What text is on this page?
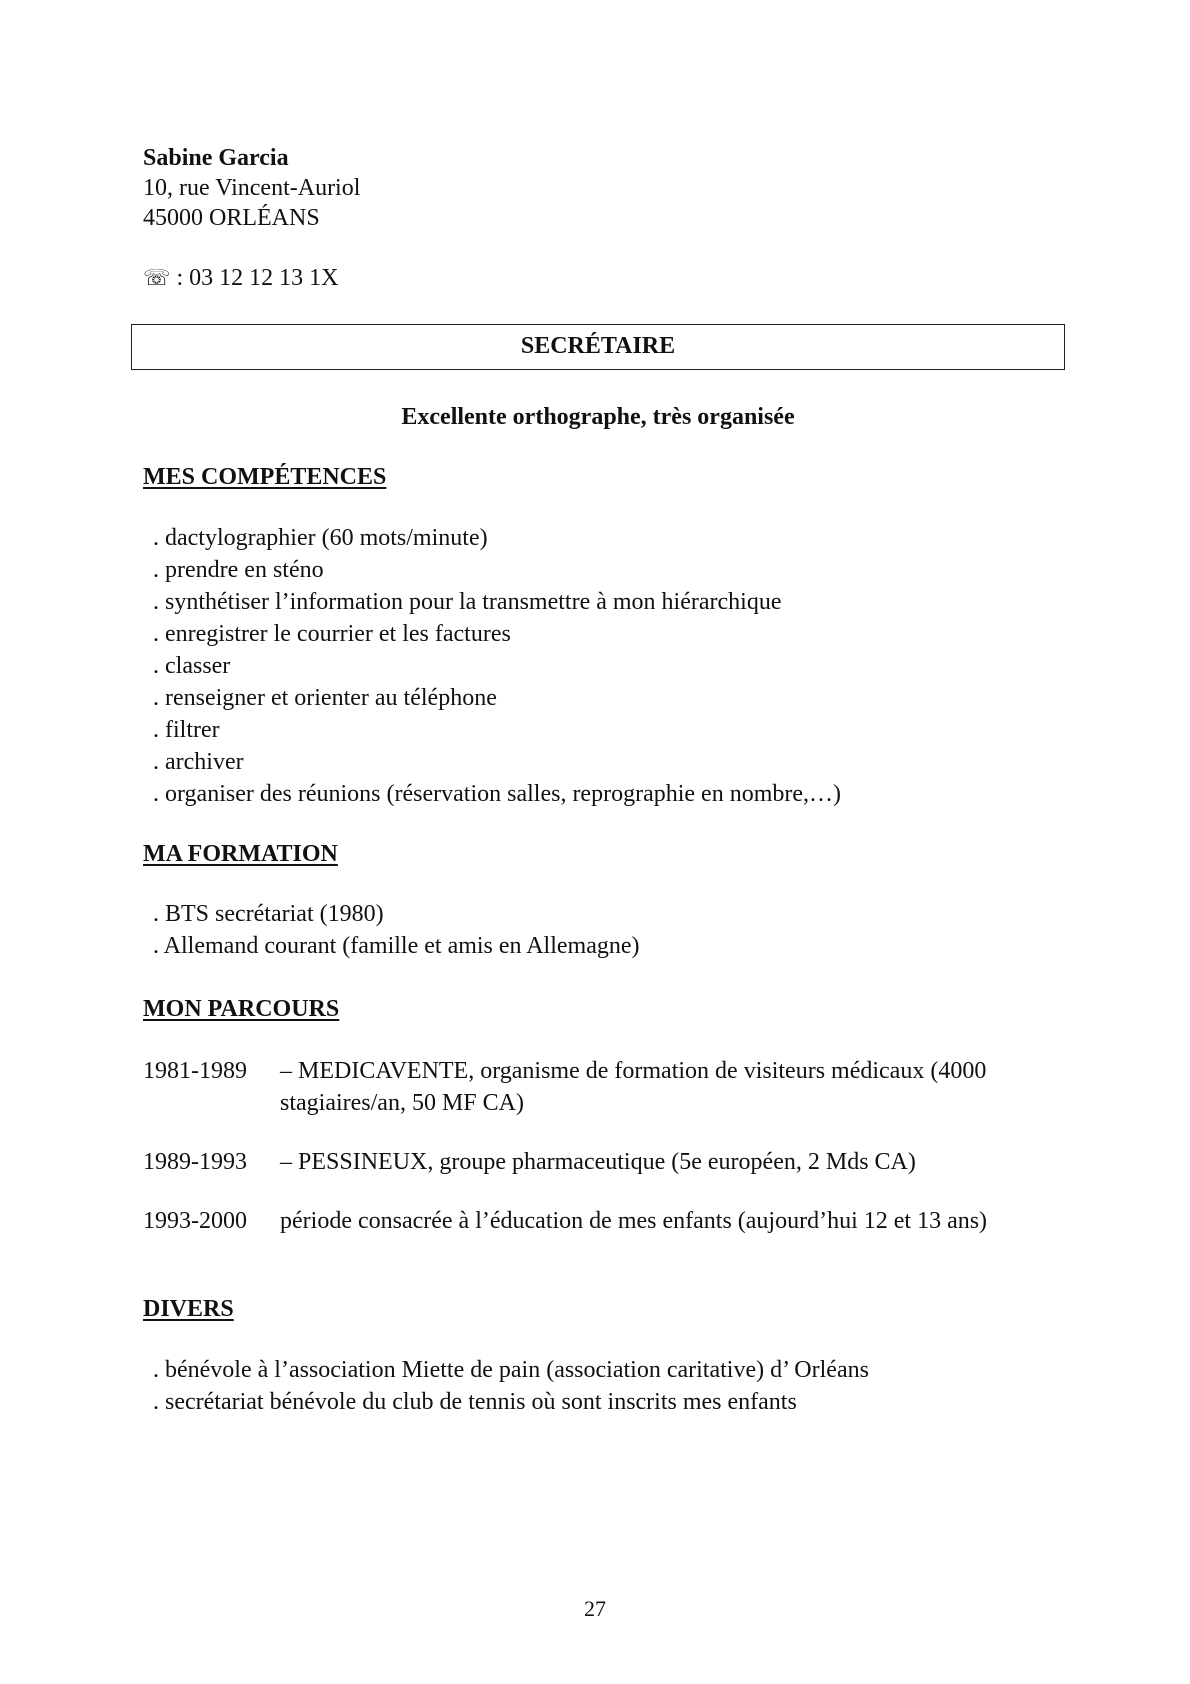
Sabine Garcia
10, rue Vincent-Auriol
45000 ORLÉANS
☏ : 03 12 12 13 1X
SECRÉTAIRE
Excellente orthographe, très organisée
MES COMPÉTENCES
. dactylographier (60 mots/minute)
. prendre en sténo
. synthétiser l’information pour la transmettre à mon hiérarchique
. enregistrer le courrier et les factures
. classer
. renseigner et orienter au téléphone
. filtrer
. archiver
. organiser des réunions (réservation salles, reprographie en nombre,…)
MA FORMATION
. BTS secrétariat (1980)
. Allemand courant (famille et amis en Allemagne)
MON PARCOURS
1981-1989	– MEDICAVENTE, organisme de formation de visiteurs médicaux (4000 stagiaires/an, 50 MF CA)
1989-1993	– PESSINEUX, groupe pharmaceutique (5e européen, 2 Mds CA)
1993-2000	période consacrée à l’éducation de mes enfants (aujourd’hui 12 et 13 ans)
DIVERS
. bénévole à l’association Miette de pain (association caritative) d’ Orléans
. secrétariat bénévole du club de tennis où sont inscrits mes enfants
27
